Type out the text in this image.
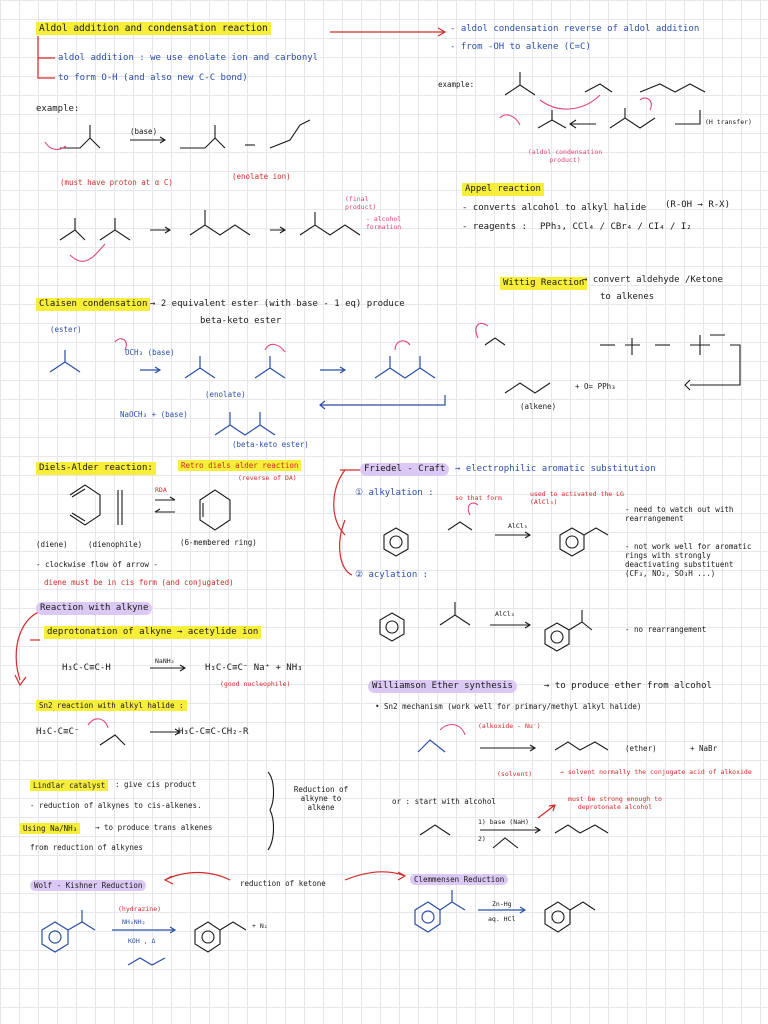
Aldol addition and condensation reaction
aldol addition : we use enolate ion and carbonyl
to form O-H (and also new C-C bond)
example:
(base)
(enolate ion)
(must have proton at α C)
(final product)
- alcohol formation
- aldol condensation reverse of aldol addition
- from -OH to alkene (C=C)
example:
(H transfer)
(aldol condensation product)
Appel reaction
- converts alcohol to alkyl halide (R-OH → R-X)
- reagents : PPh₃, CCl₄ / CBr₄ / CI₄ / I₂
Wittig Reaction
→ convert aldehyde /Ketone
to alkenes
(alkene)
+ O= PPh₃
Claisen condensation → 2 equivalent ester (with base - 1 eq) produce
beta-keto ester
(ester)
OCH₃ (base)
(enolate)
NaOCH₃ + (base)
(beta-keto ester)
Diels-Alder reaction:	Retro diels alder reaction
(reverse of DA)
RDA
(diene)	(dienophile)	(6-membered ring)
- clockwise flow of arrow -
diene must be in cis form (and conjugated)
Friedel - Craft	→ electrophilic aromatic substitution
① alkylation :	so that form	used to activated the LG (AlCl₃)
AlCl₃
- need to watch out with rearrangement
- not work well for aromatic rings with strongly deactivating substituent (CF₃, NO₂, SO₃H ...)
② acylation :
AlCl₃
- no rearrangement
Reaction with alkyne
deprotonation of alkyne → acetylide ion
H₃C-C≡C-H
NaNH₂
H₃C-C≡C⁻ Na⁺ + NH₃
(good nucleophile)
Sn2 reaction with alkyl halide :
H₃C-C≡C⁻	H₃C-C≡C-CH₂-R
Lindlar catalyst	: give cis product
- reduction of alkynes to cis-alkenes.
Using Na/NH₃	→ to produce trans alkenes
from reduction of alkynes
Reduction of alkyne to alkene
Williamson Ether synthesis	→ to produce ether from alcohol
• Sn2 mechanism (work well for primary/methyl alkyl halide)
(alkoxide - Nu⁻)
(ether)	+ NaBr
(solvent)	→ solvent normally the conjugate acid of alkoxide
or : start with alcohol	must be strong enough to deprotonate alcohol
1) base (NaH)
2)
Wolf - Kishner Reduction	reduction of ketone
(hydrazine)
NH₂NH₂
KOH , Δ
+ N₂
Clemmensen Reduction
Zn-Hg
aq. HCl
